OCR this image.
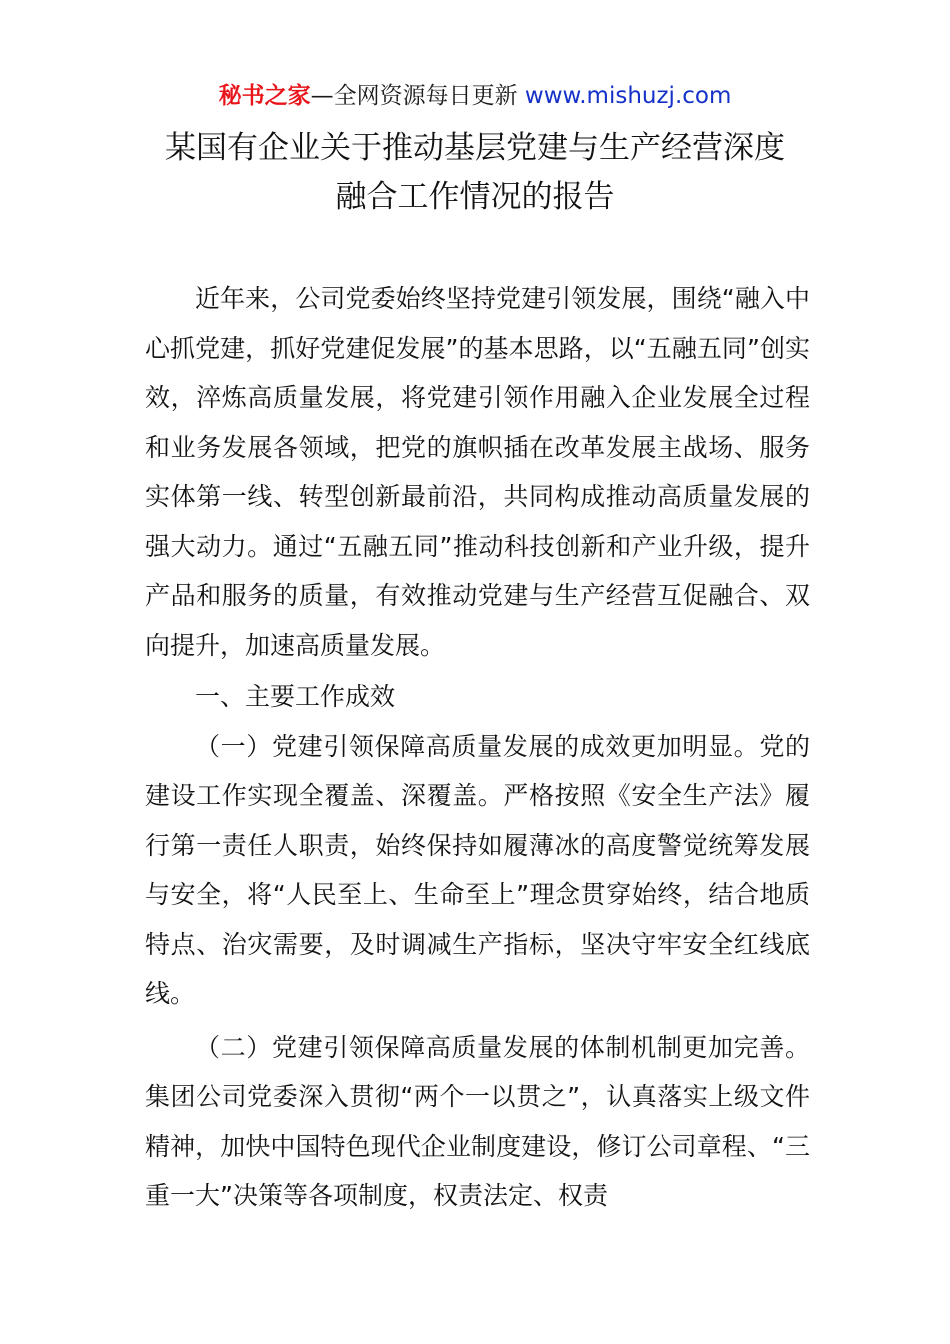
秘书之家—全网资源每日更新 www.mishuzj.com
某国有企业关于推动基层党建与生产经营深度
融合工作情况的报告

近年来，公司党委始终坚持党建引领发展，围绕“融入中心抓党建，抓好党建促发展”的基本思路，以“五融五同”创实效，淬炼高质量发展，将党建引领作用融入企业发展全过程和业务发展各领域，把党的旗帜插在改革发展主战场、服务实体第一线、转型创新最前沿，共同构成推动高质量发展的强大动力。通过“五融五同”推动科技创新和产业升级，提升产品和服务的质量，有效推动党建与生产经营互促融合、双向提升，加速高质量发展。

一、主要工作成效

（一）党建引领保障高质量发展的成效更加明显。党的建设工作实现全覆盖、深覆盖。严格按照《安全生产法》履行第一责任人职责，始终保持如履薄冰的高度警觉统筹发展与安全，将“人民至上、生命至上”理念贯穿始终，结合地质特点、治灾需要，及时调减生产指标，坚决守牢安全红线底线。

（二）党建引领保障高质量发展的体制机制更加完善。集团公司党委深入贯彻“两个一以贯之”，认真落实上级文件精神，加快中国特色现代企业制度建设，修订公司章程、“三重一大”决策等各项制度，权责法定、权责
